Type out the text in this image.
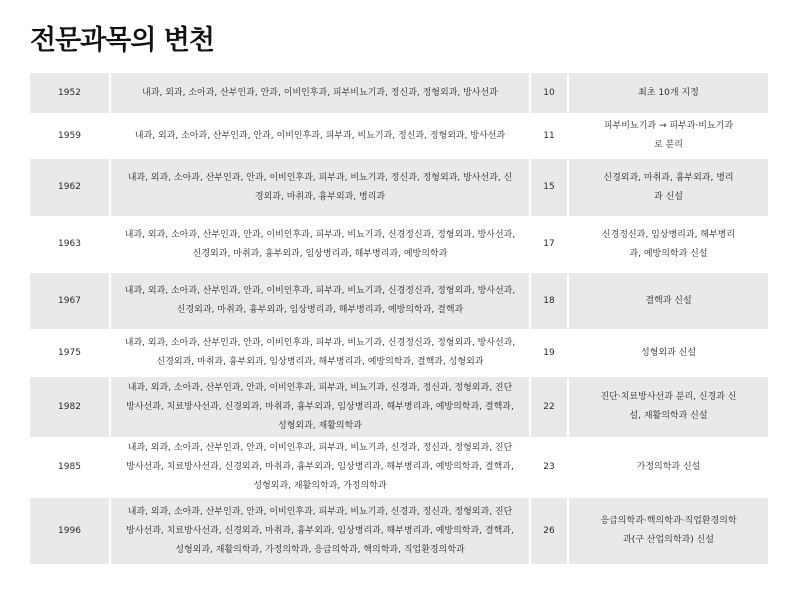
전문과목의 변천
1952	내과, 외과, 소아과, 산부인과, 안과, 이비인후과, 피부비뇨기과, 정신과, 정형외과, 방사선과	10	최초 10개 지정

1959	내과, 외과, 소아과, 산부인과, 안과, 이비인후과, 피부과, 비뇨기과, 정신과, 정형외과, 방사선과	11	피부비뇨기과 → 피부과·비뇨기과
로 분리

1962	내과, 외과, 소아과, 산부인과, 안과, 이비인후과, 피부과, 비뇨기과, 정신과, 정형외과, 방사선과, 신
경외과, 마취과, 흉부외과, 병리과	15	신경외과, 마취과, 흉부외과, 병리
과 신설

1963	내과, 외과, 소아과, 산부인과, 안과, 이비인후과, 피부과, 비뇨기과, 신경정신과, 정형외과, 방사선과,
신경외과, 마취과, 흉부외과, 임상병리과, 해부병리과, 예방의학과	17	신경정신과, 임상병리과, 해부병리
과, 예방의학과 신설

1967	내과, 외과, 소아과, 산부인과, 안과, 이비인후과, 피부과, 비뇨기과, 신경정신과, 정형외과, 방사선과,
신경외과, 마취과, 흉부외과, 임상병리과, 해부병리과, 예방의학과, 결핵과	18	결핵과 신설

1975	내과, 외과, 소아과, 산부인과, 안과, 이비인후과, 피부과, 비뇨기과, 신경정신과, 정형외과, 방사선과,
신경외과, 마취과, 흉부외과, 임상병리과, 해부병리과, 예방의학과, 결핵과, 성형외과	19	성형외과 신설

1982	내과, 외과, 소아과, 산부인과, 안과, 이비인후과, 피부과, 비뇨기과, 신경과, 정신과, 정형외과, 진단
방사선과, 치료방사선과, 신경외과, 마취과, 흉부외과, 임상병리과, 해부병리과, 예방의학과, 결핵과,
성형외과, 재활의학과	22	진단·치료방사선과 분리, 신경과 신
설, 재활의학과 신설

1985	내과, 외과, 소아과, 산부인과, 안과, 이비인후과, 피부과, 비뇨기과, 신경과, 정신과, 정형외과, 진단
방사선과, 치료방사선과, 신경외과, 마취과, 흉부외과, 임상병리과, 해부병리과, 예방의학과, 결핵과,
성형외과, 재활의학과, 가정의학과	23	가정의학과 신설

1996	내과, 외과, 소아과, 산부인과, 안과, 이비인후과, 피부과, 비뇨기과, 신경과, 정신과, 정형외과, 진단
방사선과, 치료방사선과, 신경외과, 마취과, 흉부외과, 임상병리과, 해부병리과, 예방의학과, 결핵과,
성형외과, 재활의학과, 가정의학과, 응급의학과, 핵의학과, 직업환경의학과	26	응급의학과·핵의학과·직업환경의학
과(구 산업의학과) 신설
